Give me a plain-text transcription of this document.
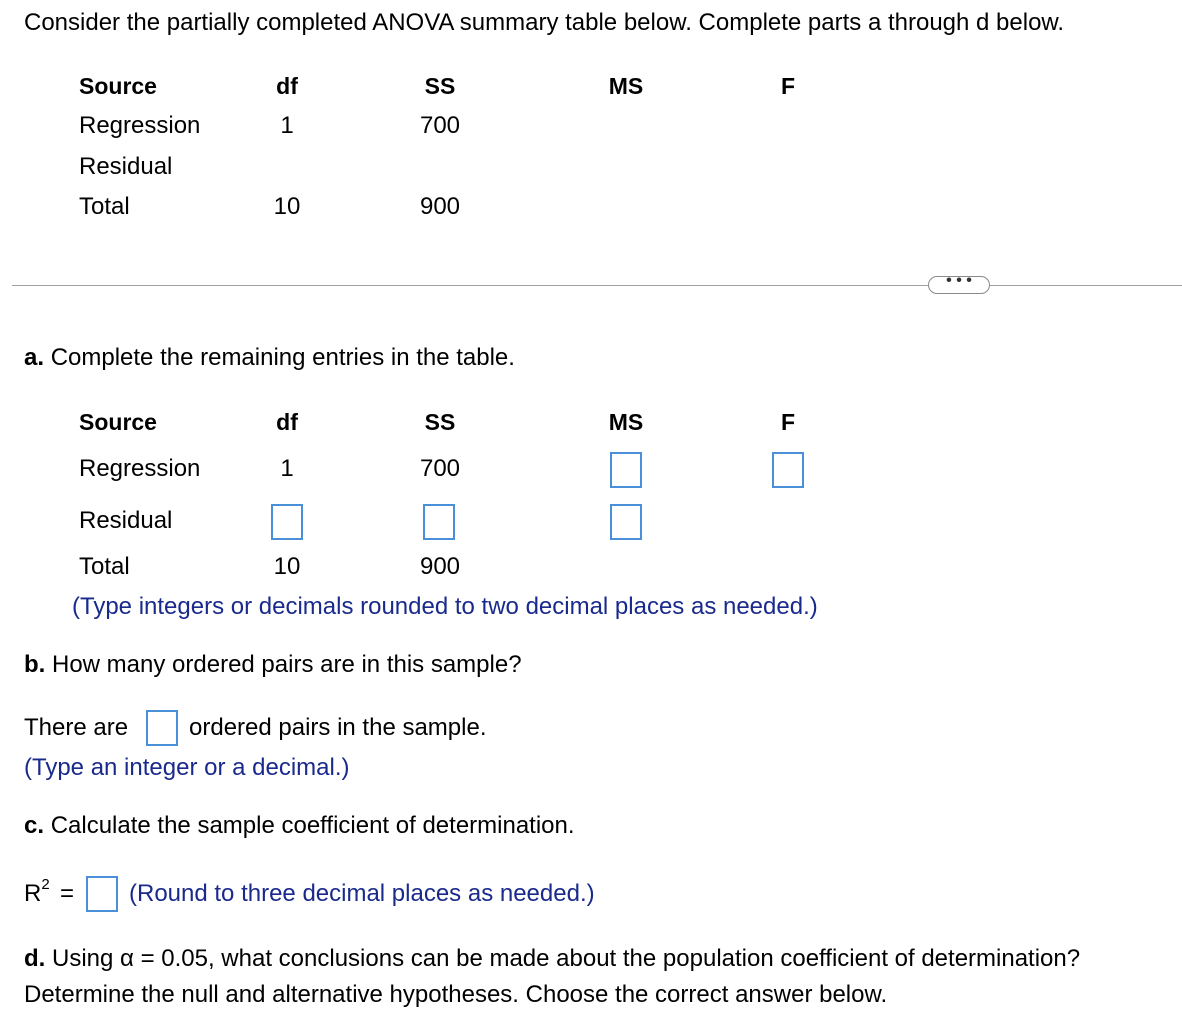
Consider the partially completed ANOVA summary table below. Complete parts a through d below.
Source	df	SS	MS	F
Regression	1	700
Residual
Total	10	900
• • •
a. Complete the remaining entries in the table.
Source	df	SS	MS	F
Regression	1	700
Residual
Total	10	900
(Type integers or decimals rounded to two decimal places as needed.)
b. How many ordered pairs are in this sample?
There are	ordered pairs in the sample.
(Type an integer or a decimal.)
c. Calculate the sample coefficient of determination.
$R^2$ = (Round to three decimal places as needed.)
d. Using α = 0.05, what conclusions can be made about the population coefficient of determination?
Determine the null and alternative hypotheses. Choose the correct answer below.
